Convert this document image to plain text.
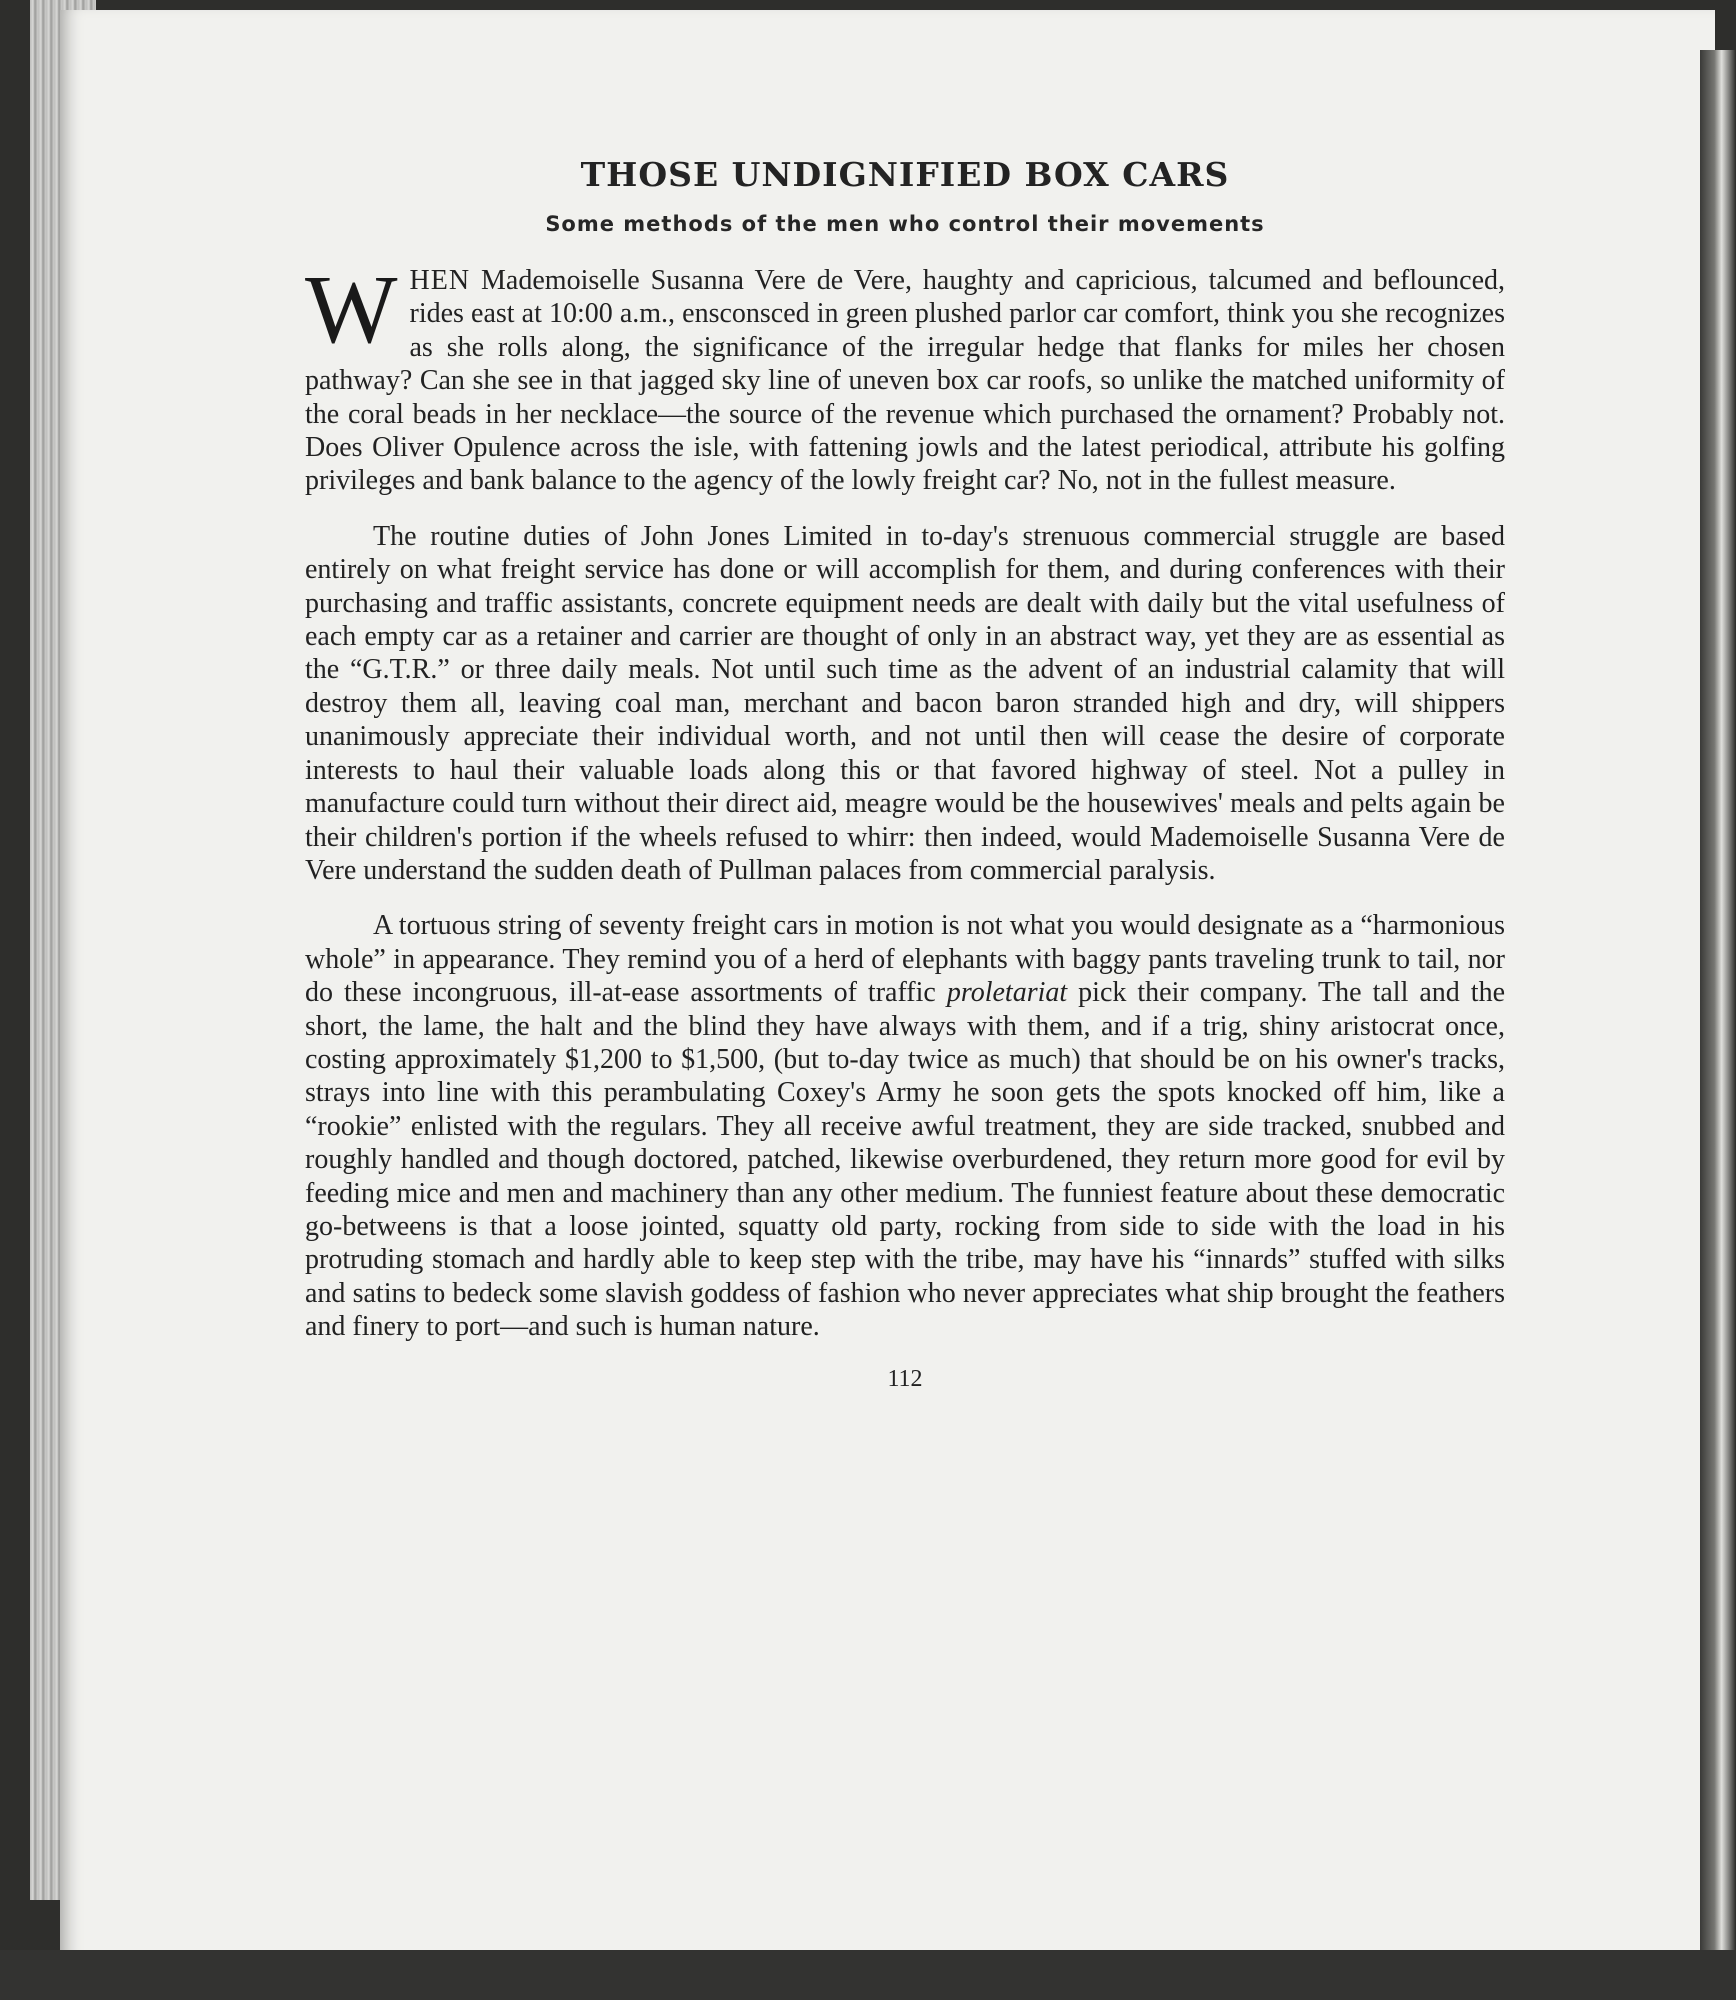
THOSE UNDIGNIFIED BOX CARS
Some methods of the men who control their movements

WHEN Mademoiselle Susanna Vere de Vere, haughty and capricious, talcumed and beflounced, rides east at 10:00 a.m., ensconsced in green plushed parlor car comfort, think you she recognizes as she rolls along, the significance of the irregular hedge that flanks for miles her chosen pathway? Can she see in that jagged sky line of uneven box car roofs, so unlike the matched uniformity of the coral beads in her necklace—the source of the revenue which purchased the ornament? Probably not. Does Oliver Opulence across the isle, with fattening jowls and the latest periodical, attribute his golfing privileges and bank balance to the agency of the lowly freight car? No, not in the fullest measure.

The routine duties of John Jones Limited in to-day's strenuous commercial struggle are based entirely on what freight service has done or will accomplish for them, and during conferences with their purchasing and traffic assistants, concrete equipment needs are dealt with daily but the vital usefulness of each empty car as a retainer and carrier are thought of only in an abstract way, yet they are as essential as the “G.T.R.” or three daily meals. Not until such time as the advent of an industrial calamity that will destroy them all, leaving coal man, merchant and bacon baron stranded high and dry, will shippers unanimously appreciate their individual worth, and not until then will cease the desire of corporate interests to haul their valuable loads along this or that favored highway of steel. Not a pulley in manufacture could turn without their direct aid, meagre would be the housewives' meals and pelts again be their children's portion if the wheels refused to whirr: then indeed, would Mademoiselle Susanna Vere de Vere understand the sudden death of Pullman palaces from commercial paralysis.

A tortuous string of seventy freight cars in motion is not what you would designate as a “harmonious whole” in appearance. They remind you of a herd of elephants with baggy pants traveling trunk to tail, nor do these incongruous, ill-at-ease assortments of traffic proletariat pick their company. The tall and the short, the lame, the halt and the blind they have always with them, and if a trig, shiny aristocrat once, costing approximately $1,200 to $1,500, (but to-day twice as much) that should be on his owner's tracks, strays into line with this perambulating Coxey's Army he soon gets the spots knocked off him, like a “rookie” enlisted with the regulars. They all receive awful treatment, they are side tracked, snubbed and roughly handled and though doctored, patched, likewise overburdened, they return more good for evil by feeding mice and men and machinery than any other medium. The funniest feature about these democratic go-betweens is that a loose jointed, squatty old party, rocking from side to side with the load in his protruding stomach and hardly able to keep step with the tribe, may have his “innards” stuffed with silks and satins to bedeck some slavish goddess of fashion who never appreciates what ship brought the feathers and finery to port—and such is human nature.

112
